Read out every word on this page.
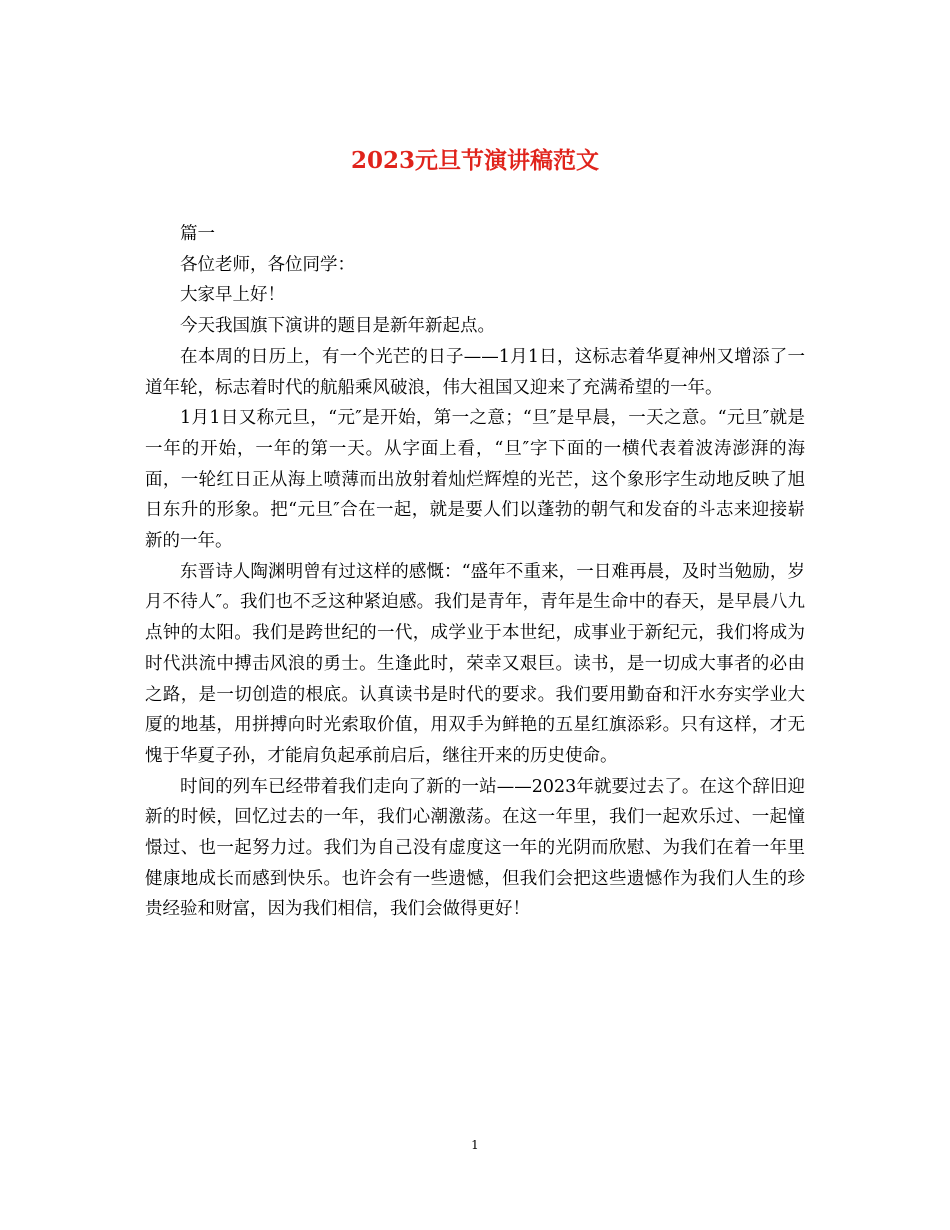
2023元旦节演讲稿范文

篇一

各位老师，各位同学：

大家早上好！

今天我国旗下演讲的题目是新年新起点。

在本周的日历上，有一个光芒的日子——1月1日，这标志着华夏神州又增添了一道年轮，标志着时代的航船乘风破浪，伟大祖国又迎来了充满希望的一年。

1月1日又称元旦，“元″是开始，第一之意；“旦″是早晨，一天之意。“元旦″就是一年的开始，一年的第一天。从字面上看，“旦″字下面的一横代表着波涛澎湃的海面，一轮红日正从海上喷薄而出放射着灿烂辉煌的光芒，这个象形字生动地反映了旭日东升的形象。把“元旦″合在一起，就是要人们以蓬勃的朝气和发奋的斗志来迎接崭新的一年。

东晋诗人陶渊明曾有过这样的感慨：“盛年不重来，一日难再晨，及时当勉励，岁月不待人″。我们也不乏这种紧迫感。我们是青年，青年是生命中的春天，是早晨八九点钟的太阳。我们是跨世纪的一代，成学业于本世纪，成事业于新纪元，我们将成为时代洪流中搏击风浪的勇士。生逢此时，荣幸又艰巨。读书，是一切成大事者的必由之路，是一切创造的根底。认真读书是时代的要求。我们要用勤奋和汗水夯实学业大厦的地基，用拼搏向时光索取价值，用双手为鲜艳的五星红旗添彩。只有这样，才无愧于华夏子孙，才能肩负起承前启后，继往开来的历史使命。

时间的列车已经带着我们走向了新的一站——2023年就要过去了。在这个辞旧迎新的时候，回忆过去的一年，我们心潮激荡。在这一年里，我们一起欢乐过、一起憧憬过、也一起努力过。我们为自己没有虚度这一年的光阴而欣慰、为我们在着一年里健康地成长而感到快乐。也许会有一些遗憾，但我们会把这些遗憾作为我们人生的珍贵经验和财富，因为我们相信，我们会做得更好！

1
